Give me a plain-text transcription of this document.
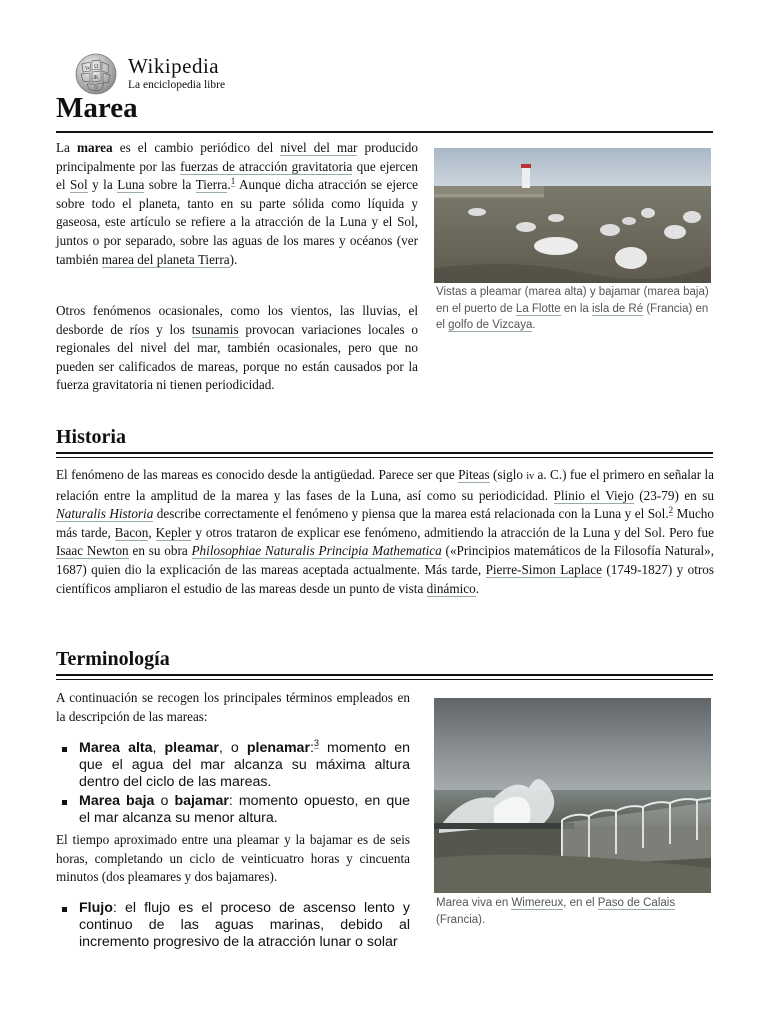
W Ω
Ж Wikipedia
La enciclopedia libre
Marea

La marea es el cambio periódico del nivel del mar producido principalmente por las fuerzas de atracción gravitatoria que ejercen el Sol y la Luna sobre la Tierra.$^1$ Aunque dicha atracción se ejerce sobre todo el planeta, tanto en su parte sólida como líquida y gaseosa, este artículo se refiere a la atracción de la Luna y el Sol, juntos o por separado, sobre las aguas de los mares y océanos (ver también marea del planeta Tierra).

Otros fenómenos ocasionales, como los vientos, las lluvias, el desborde de ríos y los tsunamis provocan variaciones locales o regionales del nivel del mar, también ocasionales, pero que no pueden ser calificados de mareas, porque no están causados por la fuerza gravitatoria ni tienen periodicidad.

Vistas a pleamar (marea alta) y bajamar (marea baja) en el puerto de La Flotte en la isla de Ré (Francia) en el golfo de Vizcaya.
Historia

El fenómeno de las mareas es conocido desde la antigüedad. Parece ser que Piteas (siglo iv a. C.) fue el primero en señalar la relación entre la amplitud de la marea y las fases de la Luna, así como su periodicidad. Plinio el Viejo (23-79) en su Naturalis Historia describe correctamente el fenómeno y piensa que la marea está relacionada con la Luna y el Sol.$^2$ Mucho más tarde, Bacon, Kepler y otros trataron de explicar ese fenómeno, admitiendo la atracción de la Luna y del Sol. Pero fue Isaac Newton en su obra Philosophiae Naturalis Principia Mathematica («Principios matemáticos de la Filosofía Natural», 1687) quien dio la explicación de las mareas aceptada actualmente. Más tarde, Pierre-Simon Laplace (1749-1827) y otros científicos ampliaron el estudio de las mareas desde un punto de vista dinámico.

Terminología

A continuación se recogen los principales términos empleados en la descripción de las mareas:

Marea alta, pleamar, o plenamar:$^3$ momento en que el agua del mar alcanza su máxima altura dentro del ciclo de las mareas.
Marea baja o bajamar: momento opuesto, en que el mar alcanza su menor altura.

El tiempo aproximado entre una pleamar y la bajamar es de seis horas, completando un ciclo de veinticuatro horas y cincuenta minutos (dos pleamares y dos bajamares).

Flujo: el flujo es el proceso de ascenso lento y continuo de las aguas marinas, debido al incremento progresivo de la atracción lunar o solar
Marea viva en Wimereux, en el Paso de Calais (Francia).
